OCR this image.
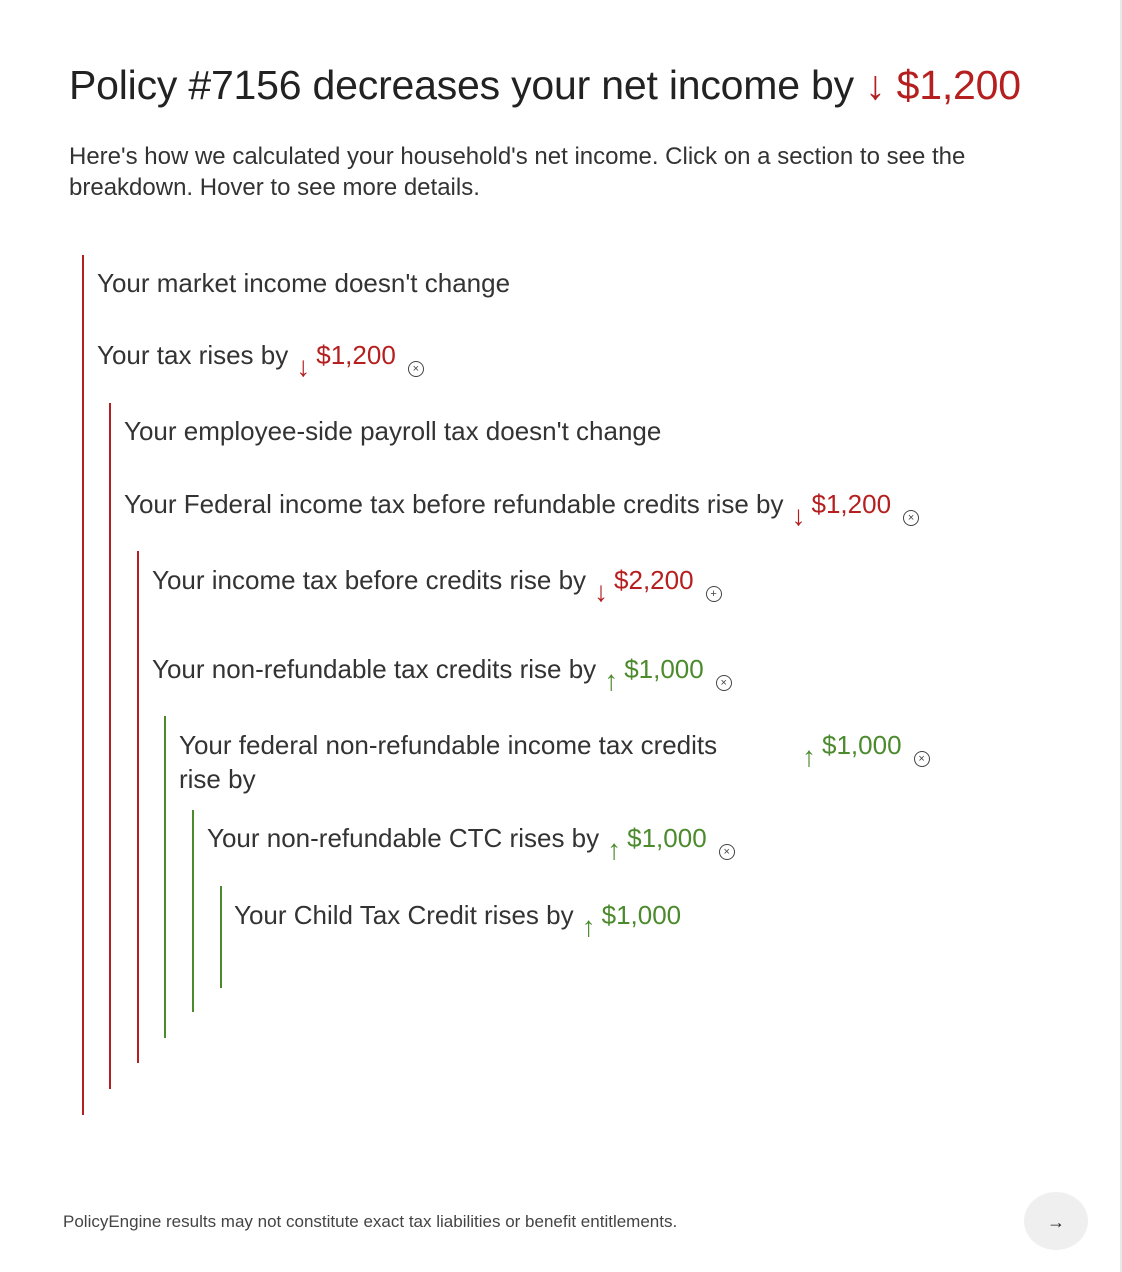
Policy #7156 decreases your net income by ↓ $1,200

Here's how we calculated your household's net income. Click on a section to see the breakdown. Hover to see more details.

Your market income doesn't change
Your tax rises by ↓ $1,200 ×
Your employee-side payroll tax doesn't change
Your Federal income tax before refundable credits rise by ↓ $1,200 ×
Your income tax before credits rise by ↓ $2,200 +
Your non-refundable tax credits rise by ↑ $1,000 ×
Your federal non-refundable income tax credits
rise by
↑ $1,000 ×
Your non-refundable CTC rises by ↑ $1,000 ×
Your Child Tax Credit rises by ↑ $1,000
PolicyEngine results may not constitute exact tax liabilities or benefit entitlements.	→
